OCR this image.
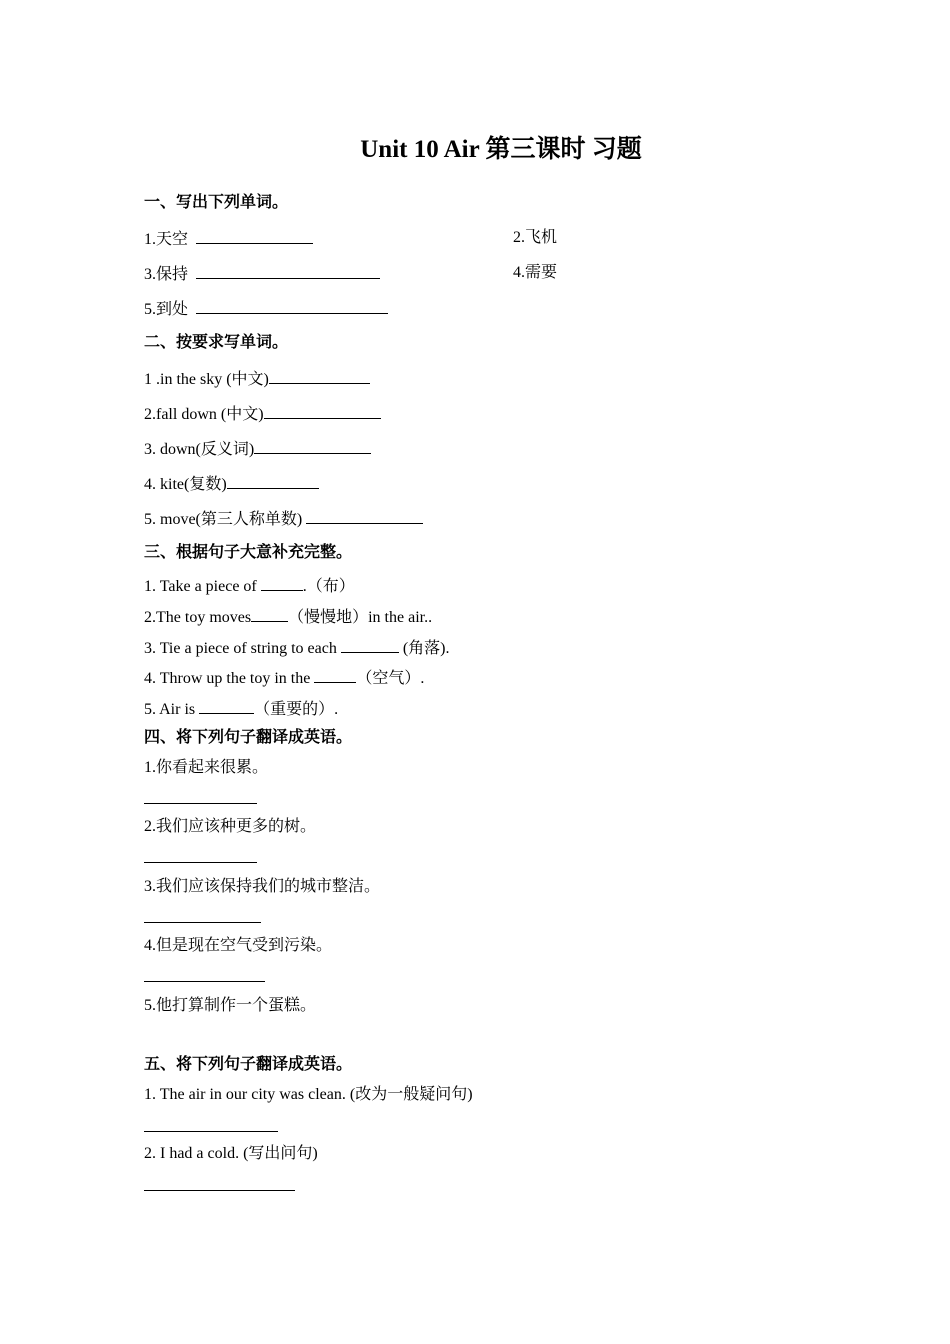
Unit 10 Air 第三课时 习题
一、写出下列单词。
1.天空	2.飞机
3.保持	4.需要
5.到处
二、按要求写单词。
1 .in the sky (中文)
2.fall down (中文)
3. down(反义词)
4. kite(复数)
5. move(第三人称单数)
三、根据句子大意补充完整。
1. Take a piece of	.（布）
2.The toy moves （慢慢地）in the air..
3. Tie a piece of string to each	(角落).
4. Throw up the toy in the	（空气）.
5. Air is	（重要的）.
四、将下列句子翻译成英语。
1.你看起来很累。
2.我们应该种更多的树。
3.我们应该保持我们的城市整洁。
4.但是现在空气受到污染。
5.他打算制作一个蛋糕。
五、将下列句子翻译成英语。
1. The air in our city was clean. (改为一般疑问句)
2. I had a cold. (写出问句)
